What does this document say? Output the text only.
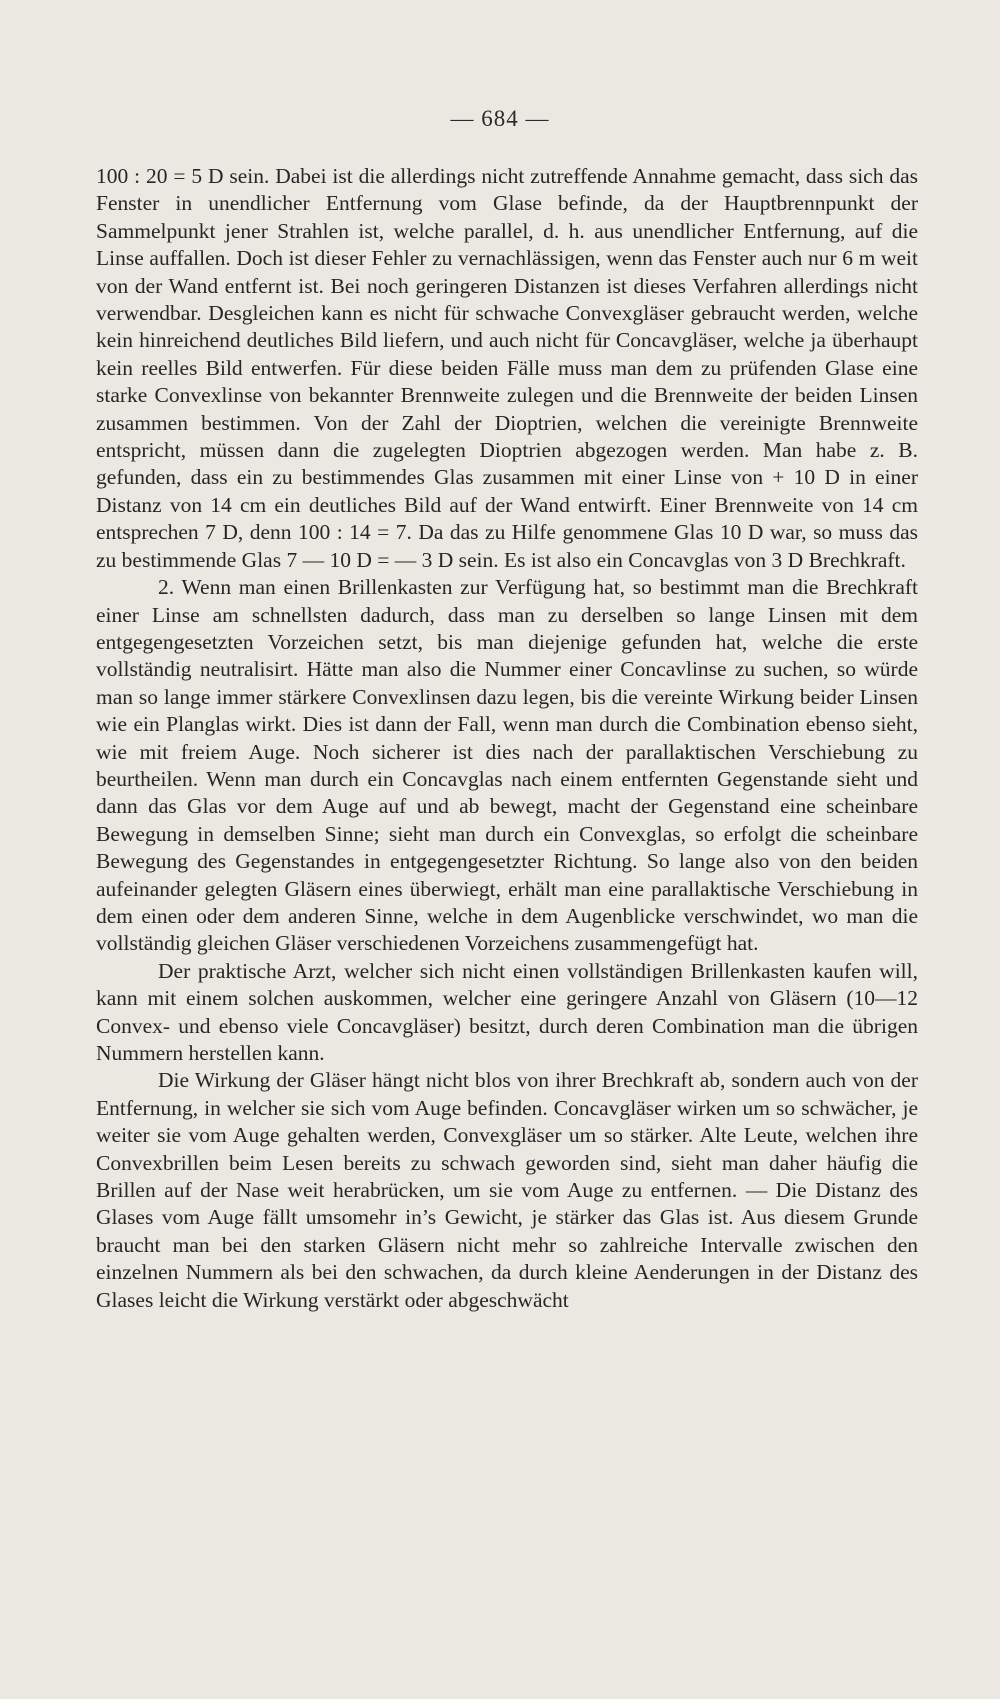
— 684 —

100 : 20 = 5 D sein. Dabei ist die allerdings nicht zutreffende Annahme gemacht, dass sich das Fenster in unendlicher Entfernung vom Glase befinde, da der Hauptbrennpunkt der Sammelpunkt jener Strahlen ist, welche parallel, d. h. aus unendlicher Entfernung, auf die Linse auffallen. Doch ist dieser Fehler zu vernachlässigen, wenn das Fenster auch nur 6 m weit von der Wand entfernt ist. Bei noch geringeren Distanzen ist dieses Verfahren allerdings nicht verwendbar. Desgleichen kann es nicht für schwache Convexgläser gebraucht werden, welche kein hinreichend deutliches Bild liefern, und auch nicht für Concavgläser, welche ja überhaupt kein reelles Bild entwerfen. Für diese beiden Fälle muss man dem zu prüfenden Glase eine starke Convexlinse von bekannter Brennweite zulegen und die Brennweite der beiden Linsen zusammen bestimmen. Von der Zahl der Dioptrien, welchen die vereinigte Brennweite entspricht, müssen dann die zugelegten Dioptrien abgezogen werden. Man habe z. B. gefunden, dass ein zu bestimmendes Glas zusammen mit einer Linse von + 10 D in einer Distanz von 14 cm ein deutliches Bild auf der Wand entwirft. Einer Brennweite von 14 cm entsprechen 7 D, denn 100 : 14 = 7. Da das zu Hilfe genommene Glas 10 D war, so muss das zu bestimmende Glas 7 — 10 D = — 3 D sein. Es ist also ein Concavglas von 3 D Brechkraft.

2. Wenn man einen Brillenkasten zur Verfügung hat, so bestimmt man die Brechkraft einer Linse am schnellsten dadurch, dass man zu derselben so lange Linsen mit dem entgegengesetzten Vorzeichen setzt, bis man diejenige gefunden hat, welche die erste vollständig neutralisirt. Hätte man also die Nummer einer Concavlinse zu suchen, so würde man so lange immer stärkere Convexlinsen dazu legen, bis die vereinte Wirkung beider Linsen wie ein Planglas wirkt. Dies ist dann der Fall, wenn man durch die Combination ebenso sieht, wie mit freiem Auge. Noch sicherer ist dies nach der parallaktischen Verschiebung zu beurtheilen. Wenn man durch ein Concavglas nach einem entfernten Gegenstande sieht und dann das Glas vor dem Auge auf und ab bewegt, macht der Gegenstand eine scheinbare Bewegung in demselben Sinne; sieht man durch ein Convexglas, so erfolgt die scheinbare Bewegung des Gegenstandes in entgegengesetzter Richtung. So lange also von den beiden aufeinander gelegten Gläsern eines überwiegt, erhält man eine parallaktische Verschiebung in dem einen oder dem anderen Sinne, welche in dem Augenblicke verschwindet, wo man die vollständig gleichen Gläser verschiedenen Vorzeichens zusammengefügt hat.

Der praktische Arzt, welcher sich nicht einen vollständigen Brillenkasten kaufen will, kann mit einem solchen auskommen, welcher eine geringere Anzahl von Gläsern (10—12 Convex- und ebenso viele Concavgläser) besitzt, durch deren Combination man die übrigen Nummern herstellen kann.

Die Wirkung der Gläser hängt nicht blos von ihrer Brechkraft ab, sondern auch von der Entfernung, in welcher sie sich vom Auge befinden. Concavgläser wirken um so schwächer, je weiter sie vom Auge gehalten werden, Convexgläser um so stärker. Alte Leute, welchen ihre Convexbrillen beim Lesen bereits zu schwach geworden sind, sieht man daher häufig die Brillen auf der Nase weit herabrücken, um sie vom Auge zu entfernen. — Die Distanz des Glases vom Auge fällt umsomehr in’s Gewicht, je stärker das Glas ist. Aus diesem Grunde braucht man bei den starken Gläsern nicht mehr so zahlreiche Intervalle zwischen den einzelnen Nummern als bei den schwachen, da durch kleine Aenderungen in der Distanz des Glases leicht die Wirkung verstärkt oder abgeschwächt
